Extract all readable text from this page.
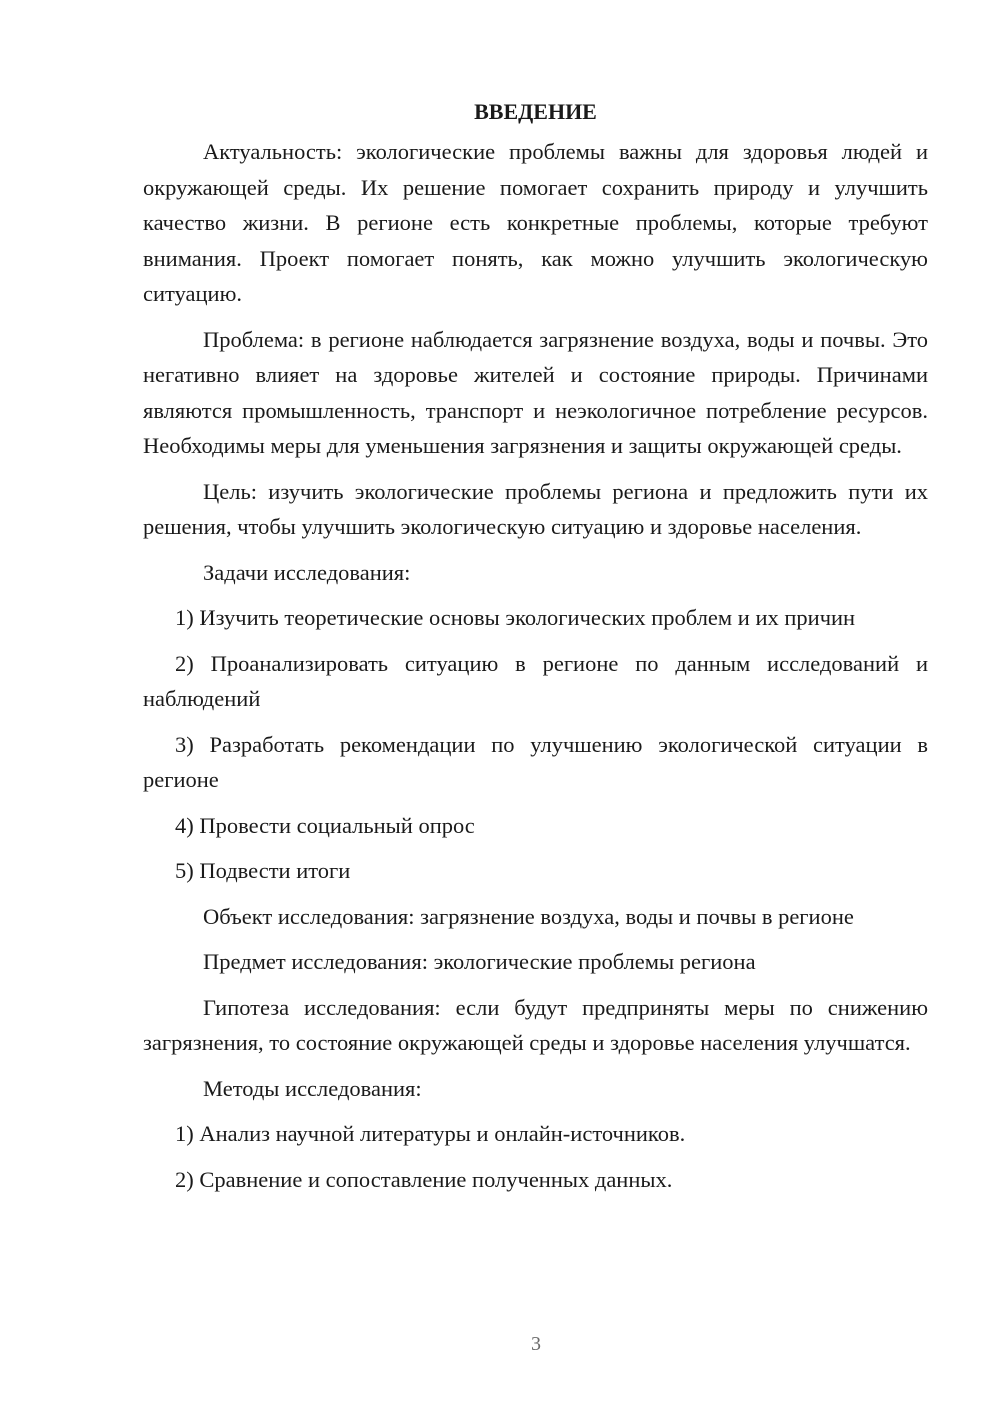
ВВЕДЕНИЕ

Актуальность: экологические проблемы важны для здоровья людей и окружающей среды. Их решение помогает сохранить природу и улучшить качество жизни. В регионе есть конкретные проблемы, которые требуют внимания. Проект помогает понять, как можно улучшить экологическую ситуацию.

Проблема: в регионе наблюдается загрязнение воздуха, воды и почвы. Это негативно влияет на здоровье жителей и состояние природы. Причинами являются промышленность, транспорт и неэкологичное потребление ресурсов. Необходимы меры для уменьшения загрязнения и защиты окружающей среды.

Цель: изучить экологические проблемы региона и предложить пути их решения, чтобы улучшить экологическую ситуацию и здоровье населения.

Задачи исследования:

1) Изучить теоретические основы экологических проблем и их причин

2) Проанализировать ситуацию в регионе по данным исследований и наблюдений

3) Разработать рекомендации по улучшению экологической ситуации в регионе

4) Провести социальный опрос

5) Подвести итоги

Объект исследования: загрязнение воздуха, воды и почвы в регионе

Предмет исследования: экологические проблемы региона

Гипотеза исследования: если будут предприняты меры по снижению загрязнения, то состояние окружающей среды и здоровье населения улучшатся.

Методы исследования:

1) Анализ научной литературы и онлайн-источников.

2) Сравнение и сопоставление полученных данных.

3
